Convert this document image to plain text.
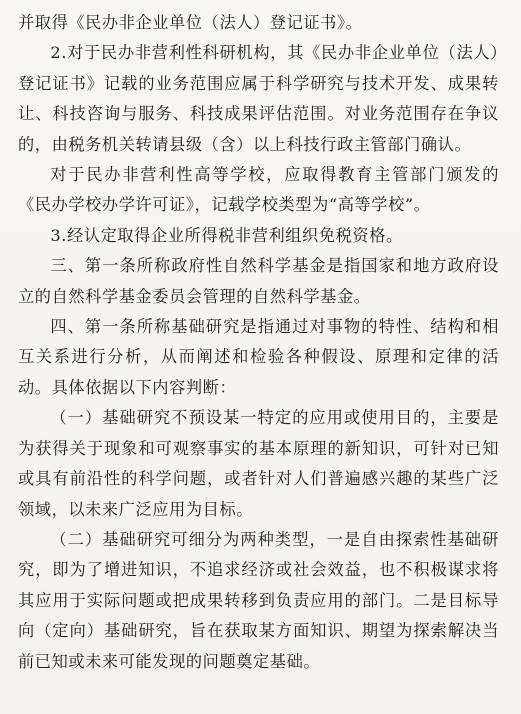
并取得《民办非企业单位（法人）登记证书》。

2.对于民办非营利性科研机构，其《民办非企业单位（法人）登记证书》记载的业务范围应属于科学研究与技术开发、成果转让、科技咨询与服务、科技成果评估范围。对业务范围存在争议的，由税务机关转请县级（含）以上科技行政主管部门确认。

对于民办非营利性高等学校，应取得教育主管部门颁发的《民办学校办学许可证》，记载学校类型为“高等学校”。

3.经认定取得企业所得税非营利组织免税资格。

三、第一条所称政府性自然科学基金是指国家和地方政府设立的自然科学基金委员会管理的自然科学基金。

四、第一条所称基础研究是指通过对事物的特性、结构和相互关系进行分析，从而阐述和检验各种假设、原理和定律的活动。具体依据以下内容判断：

（一）基础研究不预设某一特定的应用或使用目的，主要是为获得关于现象和可观察事实的基本原理的新知识，可针对已知或具有前沿性的科学问题，或者针对人们普遍感兴趣的某些广泛领域，以未来广泛应用为目标。

（二）基础研究可细分为两种类型，一是自由探索性基础研究，即为了增进知识，不追求经济或社会效益，也不积极谋求将其应用于实际问题或把成果转移到负责应用的部门。二是目标导向（定向）基础研究，旨在获取某方面知识、期望为探索解决当前已知或未来可能发现的问题奠定基础。
